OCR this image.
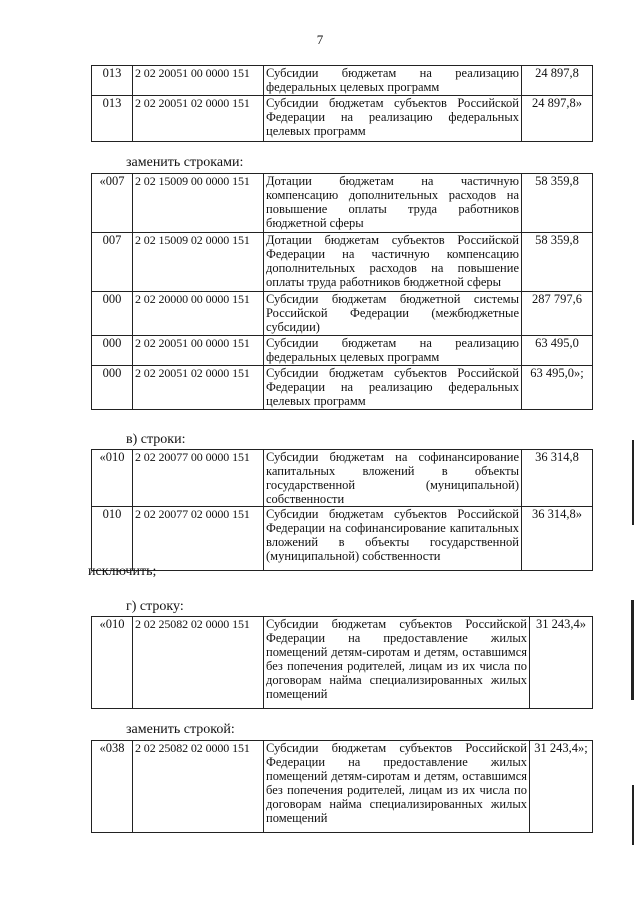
7
013	2 02 20051 00 0000 151	Субсидии бюджетам на реализацию федеральных целевых программ	24 897,8
013	2 02 20051 02 0000 151	Субсидии бюджетам субъектов Российской Федерации на реализацию федеральных целевых программ	24 897,8»
заменить строками:
«007	2 02 15009 00 0000 151	Дотации бюджетам на частичную компенсацию дополнительных расходов на повышение оплаты труда работников бюджетной сферы	58 359,8
007	2 02 15009 02 0000 151	Дотации бюджетам субъектов Российской Федерации на частичную компенсацию дополнительных расходов на повышение оплаты труда работников бюджетной сферы	58 359,8
000	2 02 20000 00 0000 151	Субсидии бюджетам бюджетной системы Российской Федерации (межбюджетные субсидии)	287 797,6
000	2 02 20051 00 0000 151	Субсидии бюджетам на реализацию федеральных целевых программ	63 495,0
000	2 02 20051 02 0000 151	Субсидии бюджетам субъектов Российской Федерации на реализацию федеральных целевых программ	63 495,0»;
в) строки:
«010	2 02 20077 00 0000 151	Субсидии бюджетам на софинансирование капитальных вложений в объекты государственной (муниципальной) собственности	36 314,8
010	2 02 20077 02 0000 151	Субсидии бюджетам субъектов Российской Федерации на софинансирование капитальных вложений в объекты государственной (муниципальной) собственности	36 314,8»
исключить;
г) строку:
«010	2 02 25082 02 0000 151	Субсидии бюджетам субъектов Российской Федерации на предоставление жилых помещений детям-сиротам и детям, оставшимся без попечения родителей, лицам из их числа по договорам найма специализированных жилых помещений	31 243,4»
заменить строкой:
«038	2 02 25082 02 0000 151	Субсидии бюджетам субъектов Российской Федерации на предоставление жилых помещений детям-сиротам и детям, оставшимся без попечения родителей, лицам из их числа по договорам найма специализированных жилых помещений	31 243,4»;
